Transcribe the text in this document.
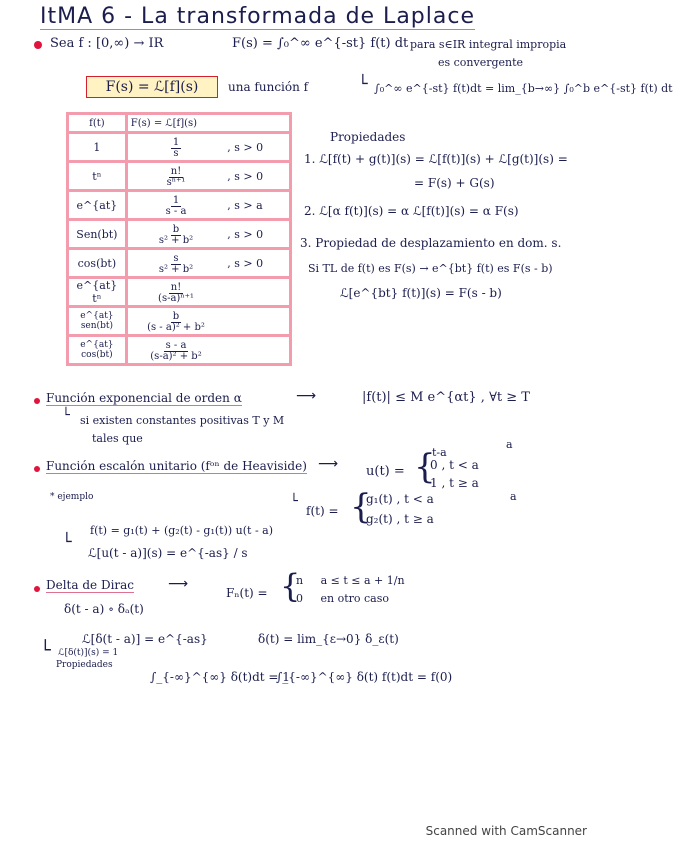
ItMA 6 - La transformada de Laplace
Sea f : [0,∞) → IR	F(s) = ∫₀^∞ e^{-st} f(t) dt para s∈IR integral impropia
es convergente
F(s) = ℒ[f](s)	una función f	└ ∫₀^∞ e^{-st} f(t)dt = lim_{b→∞} ∫₀^b e^{-st} f(t) dt
f(t)	F(s) = ℒ[f](s)	
1	$\frac{1}{s}$	, s > 0
tⁿ	$\frac{n!}{\text{sⁿ⁺¹}}$	, s > 0
e^{at}	$\frac{1}{s - a}$	, s > a
Sen(bt)	$\frac{b}{\text{s² + b²}}$	, s > 0
cos(bt)	$\frac{s}{\text{s² + b²}}$	, s > 0
e^{at} tⁿ	$\frac{n!}{\text{(s-a)ⁿ⁺¹}}$

e^{at} sen(bt)	$\frac{b}{\text{(s - a)² + b²}}$

e^{at} cos(bt)	$\frac{s - a}{\text{(s-a)² + b²}}$

Propiedades
1. ℒ[f(t) + g(t)](s) = ℒ[f(t)](s) + ℒ[g(t)](s) =
= F(s) + G(s)
2. ℒ[α f(t)](s) = α ℒ[f(t)](s) = α F(s)
3. Propiedad de desplazamiento en dom. s.
Si TL de f(t) es F(s) → e^{bt} f(t) es F(s - b)
ℒ[e^{bt} f(t)](s) = F(s - b)
Función exponencial de orden α	⟶	|f(t)| ≤ M e^{αt} , ∀t ≥ T
└ si existen constantes positivas T y M
tales que
Función escalón unitario (fᵒⁿ de Heaviside) ⟶ u(t) = {
t-a
a
0 , t < a
1 , t ≥ a
a
* ejemplo	└
f(t) = {
g₁(t) , t < a
g₂(t) , t ≥ a
f(t) = g₁(t) + (g₂(t) - g₁(t)) u(t - a)
└
ℒ[u(t - a)](s) = e^{-as} / s
Delta de Dirac ⟶
Fₙ(t) = {
n     a ≤ t ≤ a + 1/n
0     en otro caso
δ(t - a) ∘ δₐ(t)
ℒ[δ(t - a)] = e^{-as}	δ(t) = lim_{ε→0} δ_ε(t)
└ ℒ[δ(t)](s) = 1
Propiedades
∫_{-∞}^{∞} δ(t)dt = 1
∫_{-∞}^{∞} δ(t) f(t)dt = f(0)
Scanned with CamScanner
